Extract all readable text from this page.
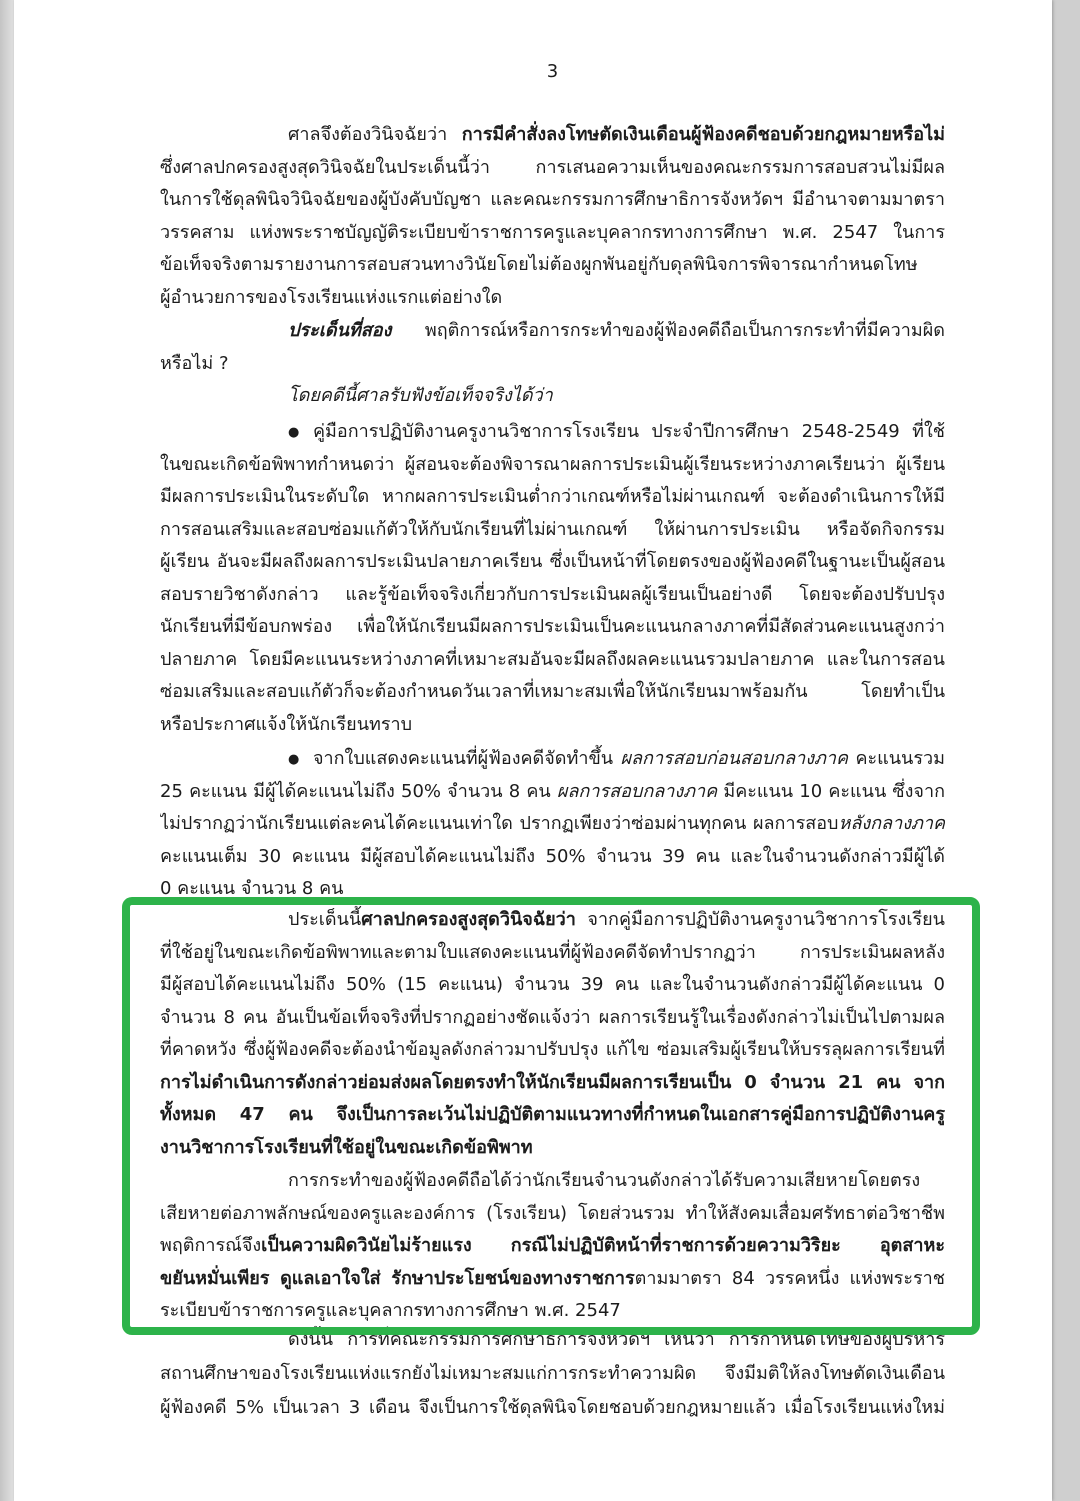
3
ศาลจึงต้องวินิจฉัยว่า การมีคำสั่งลงโทษตัดเงินเดือนผู้ฟ้องคดีชอบด้วยกฎหมายหรือไม่
ซึ่งศาลปกครองสูงสุดวินิจฉัยในประเด็นนี้ว่า การเสนอความเห็นของคณะกรรมการสอบสวนไม่มีผล
ในการใช้ดุลพินิจวินิจฉัยของผู้บังคับบัญชา และคณะกรรมการศึกษาธิการจังหวัดฯ มีอำนาจตามมาตรา
วรรคสาม แห่งพระราชบัญญัติระเบียบข้าราชการครูและบุคลากรทางการศึกษา พ.ศ. 2547 ในการ
ข้อเท็จจริงตามรายงานการสอบสวนทางวินัยโดยไม่ต้องผูกพันอยู่กับดุลพินิจการพิจารณากำหนดโทษ
ผู้อำนวยการของโรงเรียนแห่งแรกแต่อย่างใด
ประเด็นที่สอง พฤติการณ์หรือการกระทำของผู้ฟ้องคดีถือเป็นการกระทำที่มีความผิด
หรือไม่ ?
โดยคดีนี้ศาลรับฟังข้อเท็จจริงได้ว่า
● คู่มือการปฏิบัติงานครูงานวิชาการโรงเรียน ประจำปีการศึกษา 2548-2549 ที่ใช้
ในขณะเกิดข้อพิพาทกำหนดว่า ผู้สอนจะต้องพิจารณาผลการประเมินผู้เรียนระหว่างภาคเรียนว่า ผู้เรียน
มีผลการประเมินในระดับใด หากผลการประเมินต่ำกว่าเกณฑ์หรือไม่ผ่านเกณฑ์ จะต้องดำเนินการให้มี
การสอนเสริมและสอบซ่อมแก้ตัวให้กับนักเรียนที่ไม่ผ่านเกณฑ์ ให้ผ่านการประเมิน หรือจัดกิจกรรม
ผู้เรียน อันจะมีผลถึงผลการประเมินปลายภาคเรียน ซึ่งเป็นหน้าที่โดยตรงของผู้ฟ้องคดีในฐานะเป็นผู้สอน
สอบรายวิชาดังกล่าว และรู้ข้อเท็จจริงเกี่ยวกับการประเมินผลผู้เรียนเป็นอย่างดี โดยจะต้องปรับปรุง
นักเรียนที่มีข้อบกพร่อง เพื่อให้นักเรียนมีผลการประเมินเป็นคะแนนกลางภาคที่มีสัดส่วนคะแนนสูงกว่า
ปลายภาค โดยมีคะแนนระหว่างภาคที่เหมาะสมอันจะมีผลถึงผลคะแนนรวมปลายภาค และในการสอน
ซ่อมเสริมและสอบแก้ตัวก็จะต้องกำหนดวันเวลาที่เหมาะสมเพื่อให้นักเรียนมาพร้อมกัน โดยทำเป็น
หรือประกาศแจ้งให้นักเรียนทราบ
● จากใบแสดงคะแนนที่ผู้ฟ้องคดีจัดทำขึ้น ผลการสอบก่อนสอบกลางภาค คะแนนรวม
25 คะแนน มีผู้ได้คะแนนไม่ถึง 50% จำนวน 8 คน ผลการสอบกลางภาค มีคะแนน 10 คะแนน ซึ่งจาก
ไม่ปรากฏว่านักเรียนแต่ละคนได้คะแนนเท่าใด ปรากฏเพียงว่าซ่อมผ่านทุกคน ผลการสอบหลังกลางภาค
คะแนนเต็ม 30 คะแนน มีผู้สอบได้คะแนนไม่ถึง 50% จำนวน 39 คน และในจำนวนดังกล่าวมีผู้ได้
0 คะแนน จำนวน 8 คน
ประเด็นนี้ศาลปกครองสูงสุดวินิจฉัยว่า จากคู่มือการปฏิบัติงานครูงานวิชาการโรงเรียน
ที่ใช้อยู่ในขณะเกิดข้อพิพาทและตามใบแสดงคะแนนที่ผู้ฟ้องคดีจัดทำปรากฏว่า การประเมินผลหลัง
มีผู้สอบได้คะแนนไม่ถึง 50% (15 คะแนน) จำนวน 39 คน และในจำนวนดังกล่าวมีผู้ได้คะแนน 0
จำนวน 8 คน อันเป็นข้อเท็จจริงที่ปรากฏอย่างชัดแจ้งว่า ผลการเรียนรู้ในเรื่องดังกล่าวไม่เป็นไปตามผล
ที่คาดหวัง ซึ่งผู้ฟ้องคดีจะต้องนำข้อมูลดังกล่าวมาปรับปรุง แก้ไข ซ่อมเสริมผู้เรียนให้บรรลุผลการเรียนที่
การไม่ดำเนินการดังกล่าวย่อมส่งผลโดยตรงทำให้นักเรียนมีผลการเรียนเป็น 0 จำนวน 21 คน จาก
ทั้งหมด 47 คน จึงเป็นการละเว้นไม่ปฏิบัติตามแนวทางที่กำหนดในเอกสารคู่มือการปฏิบัติงานครู
งานวิชาการโรงเรียนที่ใช้อยู่ในขณะเกิดข้อพิพาท
การกระทำของผู้ฟ้องคดีถือได้ว่านักเรียนจำนวนดังกล่าวได้รับความเสียหายโดยตรง
เสียหายต่อภาพลักษณ์ของครูและองค์การ (โรงเรียน) โดยส่วนรวม ทำให้สังคมเสื่อมศรัทธาต่อวิชาชีพ
พฤติการณ์จึงเป็นความผิดวินัยไม่ร้ายแรง กรณีไม่ปฏิบัติหน้าที่ราชการด้วยความวิริยะ อุตสาหะ
ขยันหมั่นเพียร ดูแลเอาใจใส่ รักษาประโยชน์ของทางราชการตามมาตรา 84 วรรคหนึ่ง แห่งพระราช
ระเบียบข้าราชการครูและบุคลากรทางการศึกษา พ.ศ. 2547
ดังนั้น การที่คณะกรรมการศึกษาธิการจังหวัดฯ เห็นว่า การกำหนดโทษของผู้บริหาร
สถานศึกษาของโรงเรียนแห่งแรกยังไม่เหมาะสมแก่การกระทำความผิด จึงมีมติให้ลงโทษตัดเงินเดือน
ผู้ฟ้องคดี 5% เป็นเวลา 3 เดือน จึงเป็นการใช้ดุลพินิจโดยชอบด้วยกฎหมายแล้ว เมื่อโรงเรียนแห่งใหม่
